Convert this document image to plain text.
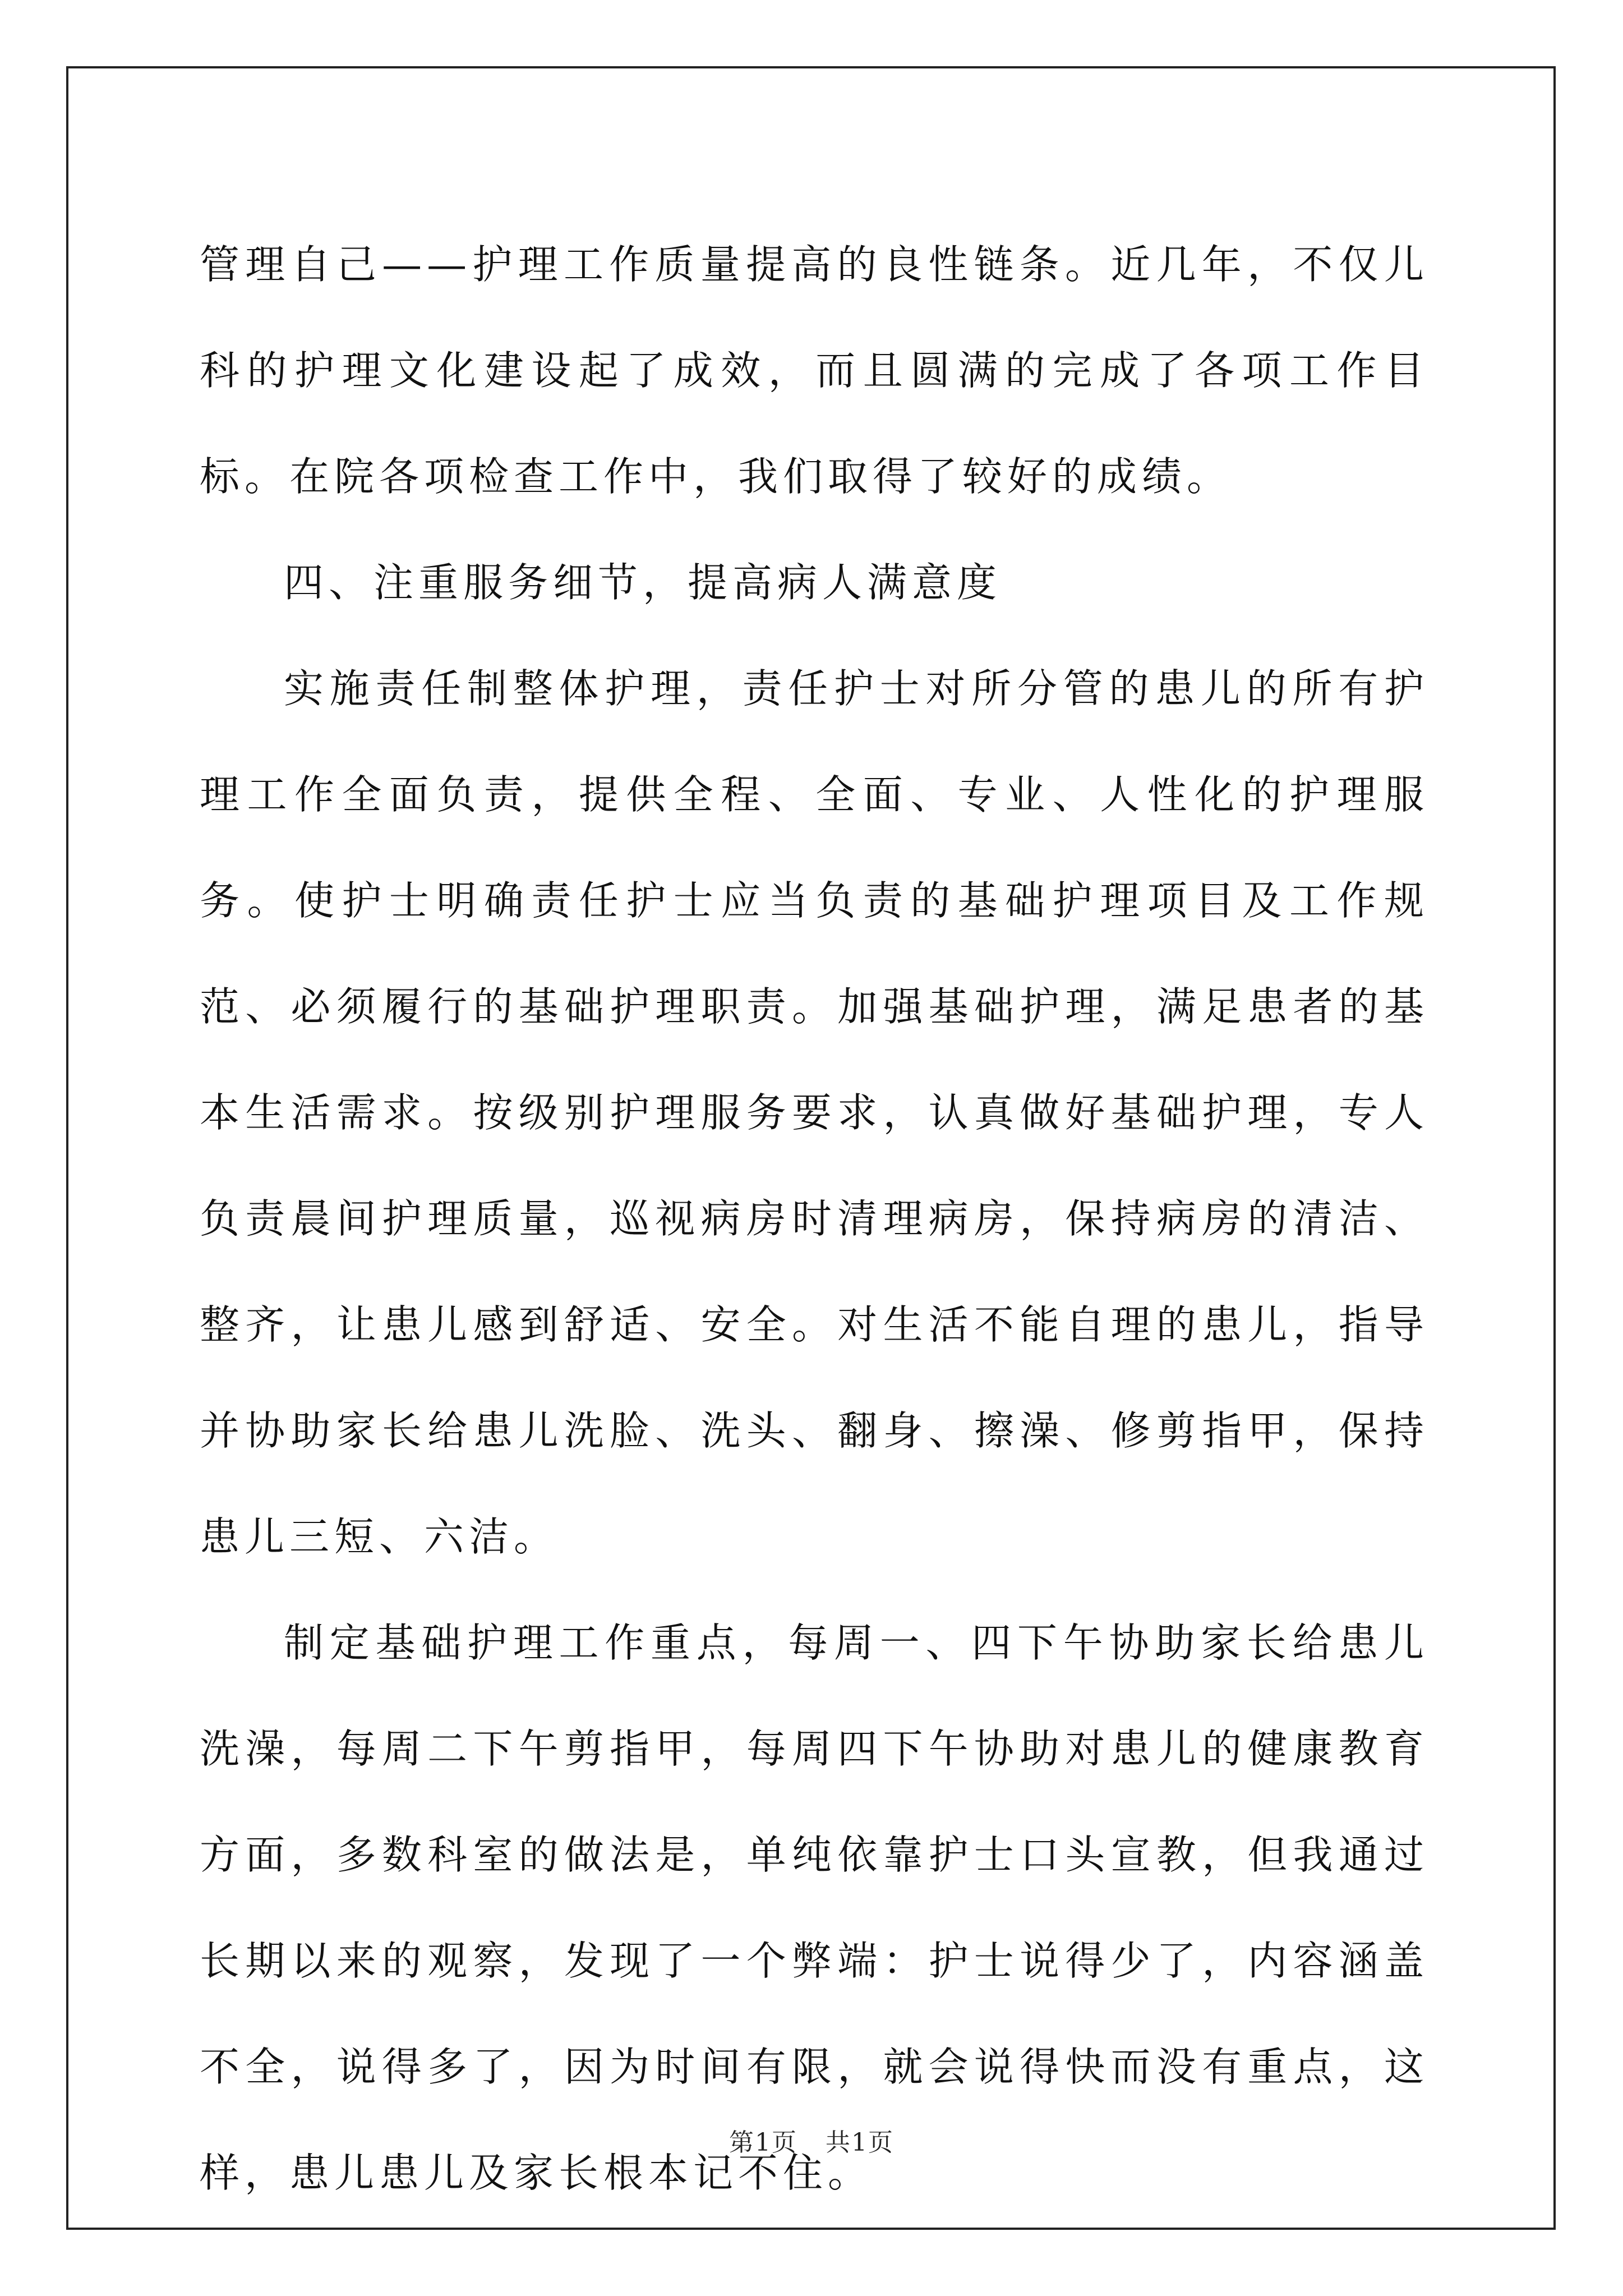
管理自己——护理工作质量提高的良性链条。近几年，不仅儿科的护理文化建设起了成效，而且圆满的完成了各项工作目标。在院各项检查工作中，我们取得了较好的成绩。

四、注重服务细节，提高病人满意度

实施责任制整体护理，责任护士对所分管的患儿的所有护理工作全面负责，提供全程、全面、专业、人性化的护理服务。使护士明确责任护士应当负责的基础护理项目及工作规范、必须履行的基础护理职责。加强基础护理，满足患者的基本生活需求。按级别护理服务要求，认真做好基础护理，专人负责晨间护理质量，巡视病房时清理病房，保持病房的清洁、整齐，让患儿感到舒适、安全。对生活不能自理的患儿，指导并协助家长给患儿洗脸、洗头、翻身、擦澡、修剪指甲，保持患儿三短、六洁。

制定基础护理工作重点，每周一、四下午协助家长给患儿洗澡，每周二下午剪指甲，每周四下午协助对患儿的健康教育方面，多数科室的做法是，单纯依靠护士口头宣教，但我通过长期以来的观察，发现了一个弊端：护士说得少了，内容涵盖不全，说得多了，因为时间有限，就会说得快而没有重点，这样，患儿患儿及家长根本记不住。

第1页 共1页
